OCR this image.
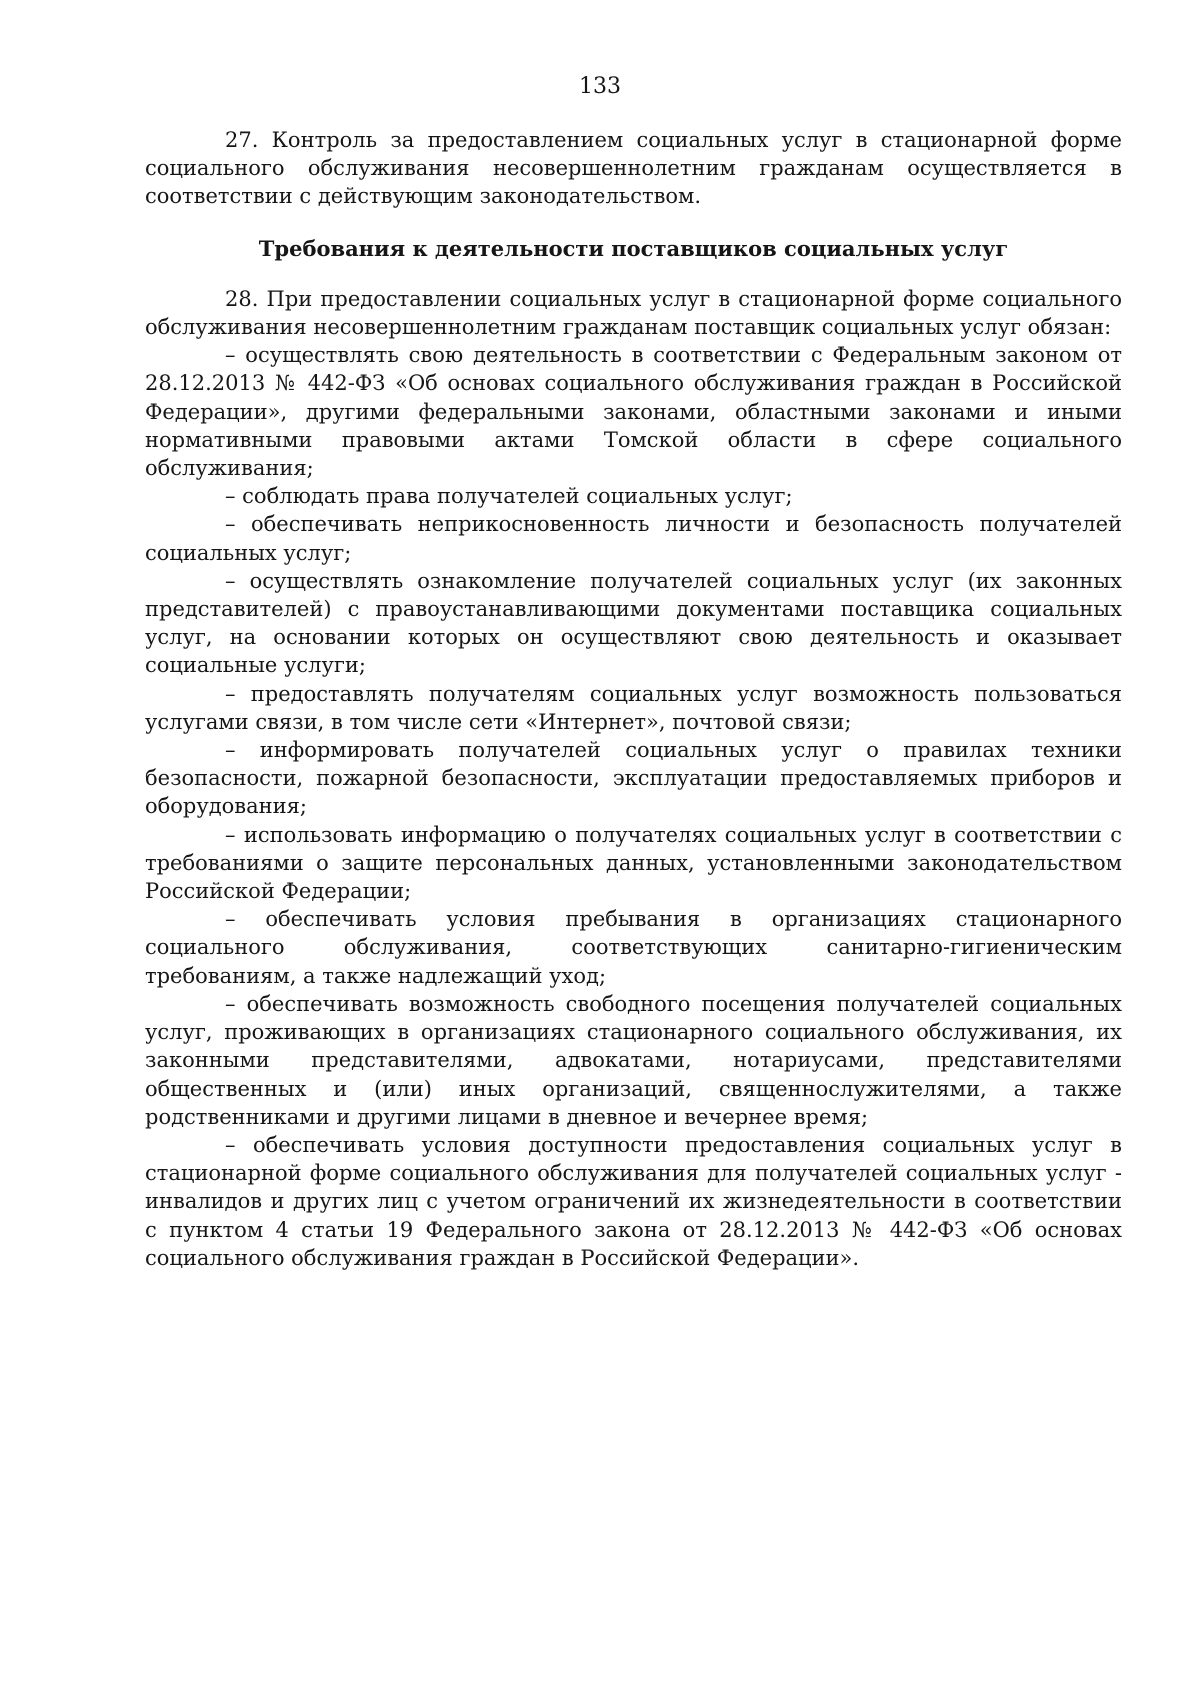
133

27. Контроль за предоставлением социальных услуг в стационарной форме социального обслуживания несовершеннолетним гражданам осуществляется в соответствии с действующим законодательством.

Требования к деятельности поставщиков социальных услуг

28. При предоставлении социальных услуг в стационарной форме социального обслуживания несовершеннолетним гражданам поставщик социальных услуг обязан:

– осуществлять свою деятельность в соответствии с Федеральным законом от 28.12.2013 № 442-ФЗ «Об основах социального обслуживания граждан в Российской Федерации», другими федеральными законами, областными законами и иными нормативными правовыми актами Томской области в сфере социального обслуживания;

– соблюдать права получателей социальных услуг;

– обеспечивать неприкосновенность личности и безопасность получателей социальных услуг;

– осуществлять ознакомление получателей социальных услуг (их законных представителей) с правоустанавливающими документами поставщика социальных услуг, на основании которых он осуществляют свою деятельность и оказывает социальные услуги;

– предоставлять получателям социальных услуг возможность пользоваться услугами связи, в том числе сети «Интернет», почтовой связи;

– информировать получателей социальных услуг о правилах техники безопасности, пожарной безопасности, эксплуатации предоставляемых приборов и оборудования;

– использовать информацию о получателях социальных услуг в соответствии с требованиями о защите персональных данных, установленными законодательством Российской Федерации;

– обеспечивать условия пребывания в организациях стационарного социального обслуживания, соответствующих санитарно-гигиеническим требованиям, а также надлежащий уход;

– обеспечивать возможность свободного посещения получателей социальных услуг, проживающих в организациях стационарного социального обслуживания, их законными представителями, адвокатами, нотариусами, представителями общественных и (или) иных организаций, священнослужителями, а также родственниками и другими лицами в дневное и вечернее время;

– обеспечивать условия доступности предоставления социальных услуг в стационарной форме социального обслуживания для получателей социальных услуг - инвалидов и других лиц с учетом ограничений их жизнедеятельности в соответствии с пунктом 4 статьи 19 Федерального закона от 28.12.2013 № 442-ФЗ «Об основах социального обслуживания граждан в Российской Федерации».
